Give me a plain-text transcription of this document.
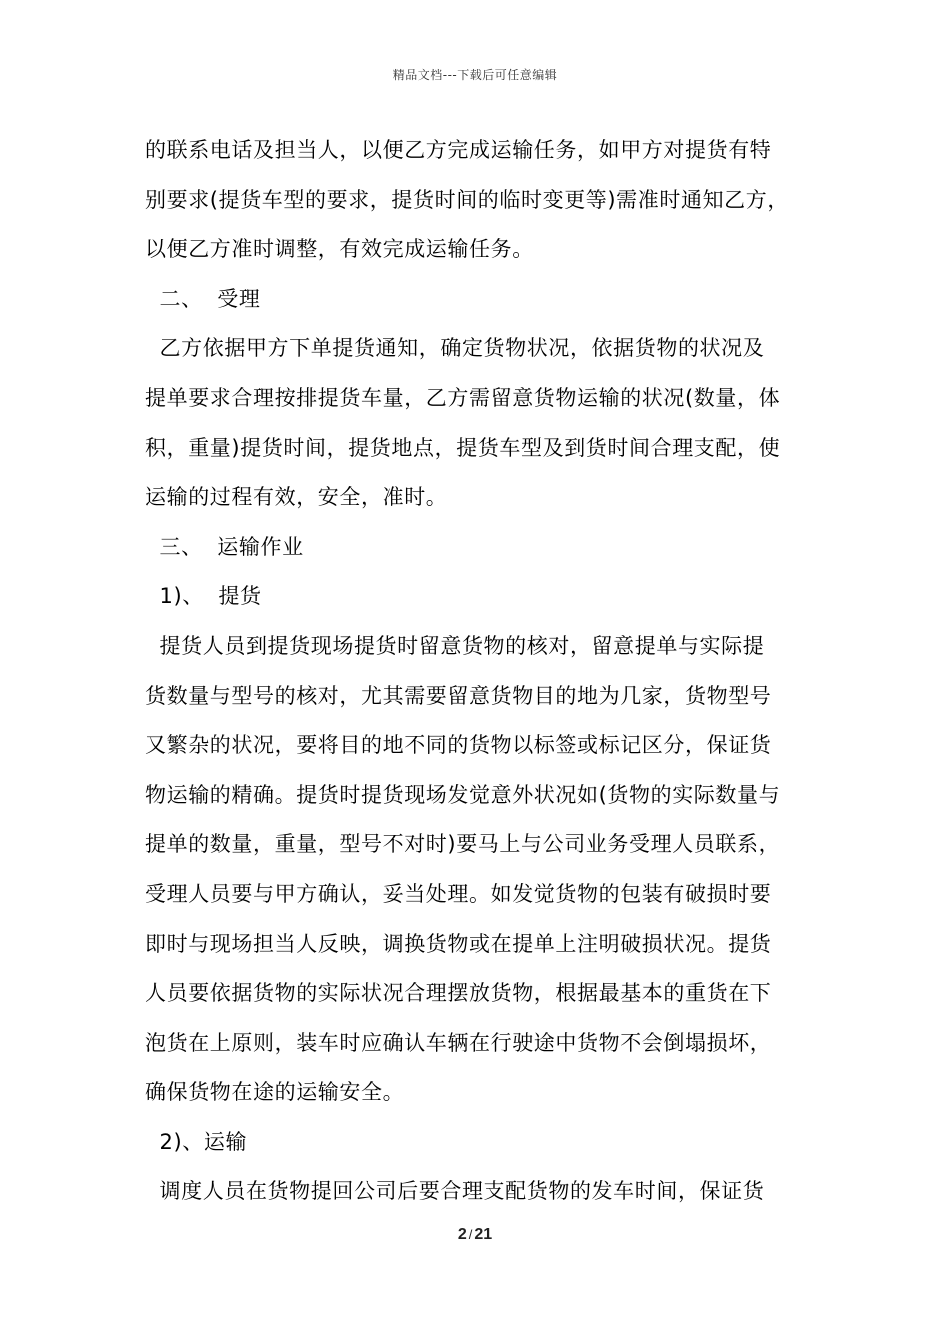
精品文档---下载后可任意编辑
的联系电话及担当人，以便乙方完成运输任务，如甲方对提货有特
别要求(提货车型的要求，提货时间的临时变更等)需准时通知乙方，
以便乙方准时调整，有效完成运输任务。
二、  受理
乙方依据甲方下单提货通知，确定货物状况，依据货物的状况及
提单要求合理按排提货车量，乙方需留意货物运输的状况(数量，体
积，重量)提货时间，提货地点，提货车型及到货时间合理支配，使
运输的过程有效，安全，准时。
三、  运输作业
1)、  提货
提货人员到提货现场提货时留意货物的核对，留意提单与实际提
货数量与型号的核对，尤其需要留意货物目的地为几家，货物型号
又繁杂的状况，要将目的地不同的货物以标签或标记区分，保证货
物运输的精确。提货时提货现场发觉意外状况如(货物的实际数量与
提单的数量，重量，型号不对时)要马上与公司业务受理人员联系，
受理人员要与甲方确认，妥当处理。如发觉货物的包装有破损时要
即时与现场担当人反映，调换货物或在提单上注明破损状况。提货
人员要依据货物的实际状况合理摆放货物，根据最基本的重货在下
泡货在上原则，装车时应确认车辆在行驶途中货物不会倒塌损坏，
确保货物在途的运输安全。
2)、运输
调度人员在货物提回公司后要合理支配货物的发车时间，保证货
2 / 21
